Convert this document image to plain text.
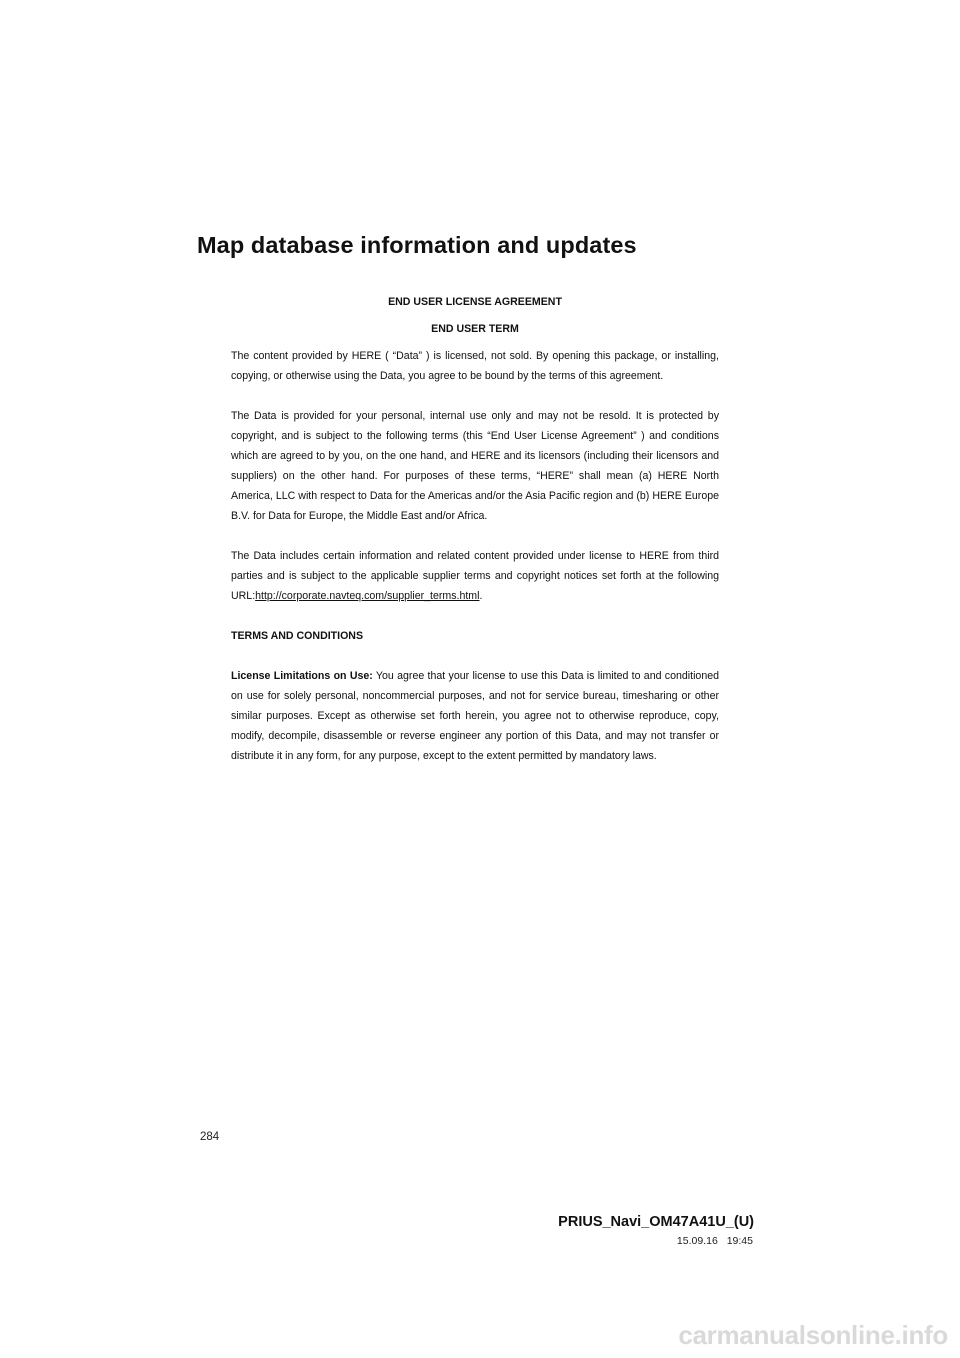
Map database information and updates

END USER LICENSE AGREEMENT

END USER TERM

The content provided by HERE ( “Data” ) is licensed, not sold. By opening this package, or installing, copying, or otherwise using the Data, you agree to be bound by the terms of this agreement.

The Data is provided for your personal, internal use only and may not be resold. It is protected by copyright, and is subject to the following terms (this “End User License Agreement” ) and conditions which are agreed to by you, on the one hand, and HERE and its licensors (including their licensors and suppliers) on the other hand. For purposes of these terms, “HERE” shall mean (a) HERE North America, LLC with respect to Data for the Americas and/or the Asia Pacific region and (b) HERE Europe B.V. for Data for Europe, the Middle East and/or Africa.

The Data includes certain information and related content provided under license to HERE from third parties and is subject to the applicable supplier terms and copyright notices set forth at the following URL:http://corporate.navteq.com/supplier_terms.html.

TERMS AND CONDITIONS

License Limitations on Use: You agree that your license to use this Data is limited to and conditioned on use for solely personal, noncommercial purposes, and not for service bureau, timesharing or other similar purposes. Except as otherwise set forth herein, you agree not to otherwise reproduce, copy, modify, decompile, disassemble or reverse engineer any portion of this Data, and may not transfer or distribute it in any form, for any purpose, except to the extent permitted by mandatory laws.

284
PRIUS_Navi_OM47A41U_(U)
15.09.16 19:45
carmanualsonline.info
